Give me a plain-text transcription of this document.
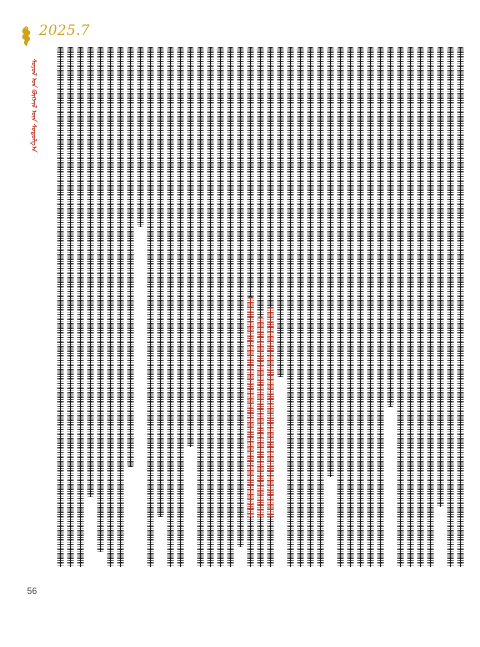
2025.7
ᠰᠣᠶᠣᠯ ᠤᠨ ᠬᠥᠭᠵᠢᠯ ᠦᠨ ᠰᠤᠳᠤᠯᠭ᠎ᠠ
56
